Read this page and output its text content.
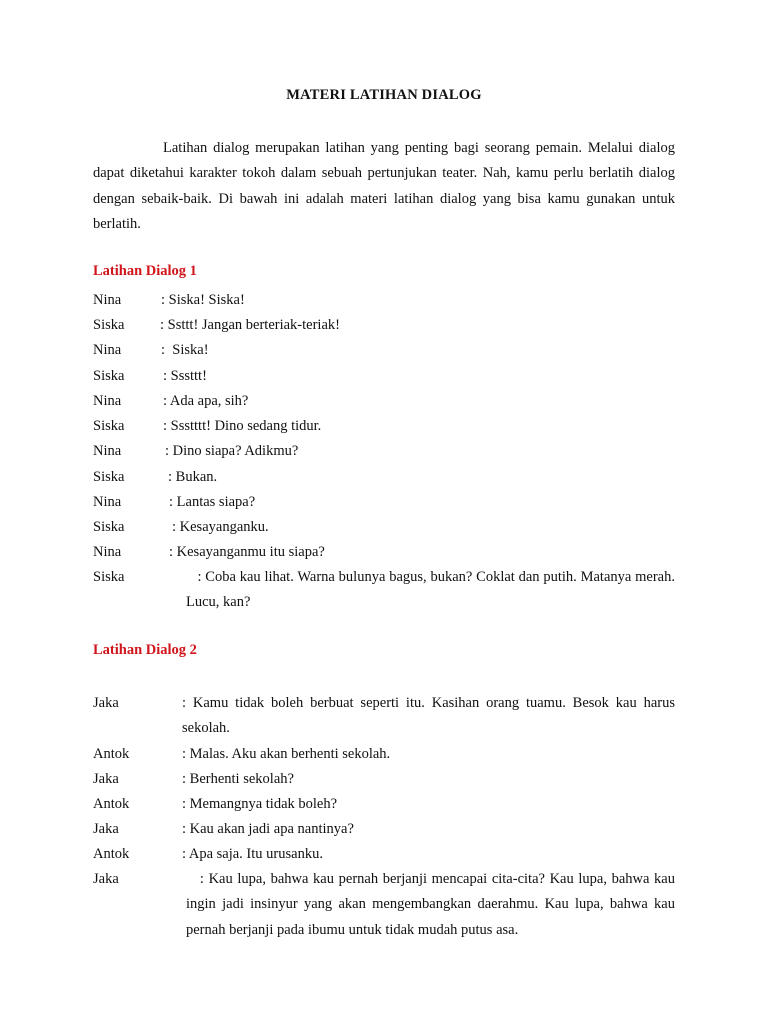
MATERI LATIHAN DIALOG
Latihan dialog merupakan latihan yang penting bagi seorang pemain. Melalui dialog dapat diketahui karakter tokoh dalam sebuah pertunjukan teater. Nah, kamu perlu berlatih dialog dengan sebaik-baik. Di bawah ini adalah materi latihan dialog yang bisa kamu gunakan untuk berlatih.
Latihan Dialog 1
Nina	: Siska! Siska!
Siska : Ssttt! Jangan berteriak-teriak!
Nina	:  Siska!
Siska	: Sssttt!
Nina	: Ada apa, sih?
Siska	: Ssstttt! Dino sedang tidur.
Nina	: Dino siapa? Adikmu?
Siska	: Bukan.
Nina	: Lantas siapa?
Siska	: Kesayanganku.
Nina	: Kesayanganmu itu siapa?
Siska	: Coba kau lihat. Warna bulunya bagus, bukan? Coklat dan putih. Matanya merah. Lucu, kan?
Latihan Dialog 2
Jaka	: Kamu tidak boleh berbuat seperti itu. Kasihan orang tuamu. Besok kau harus sekolah.
Antok	: Malas. Aku akan berhenti sekolah.
Jaka	: Berhenti sekolah?
Antok	: Memangnya tidak boleh?
Jaka	: Kau akan jadi apa nantinya?
Antok	: Apa saja. Itu urusanku.
Jaka	: Kau lupa, bahwa kau pernah berjanji mencapai cita-cita? Kau lupa, bahwa kau ingin jadi insinyur yang akan mengembangkan daerahmu. Kau lupa, bahwa kau pernah berjanji pada ibumu untuk tidak mudah putus asa.
